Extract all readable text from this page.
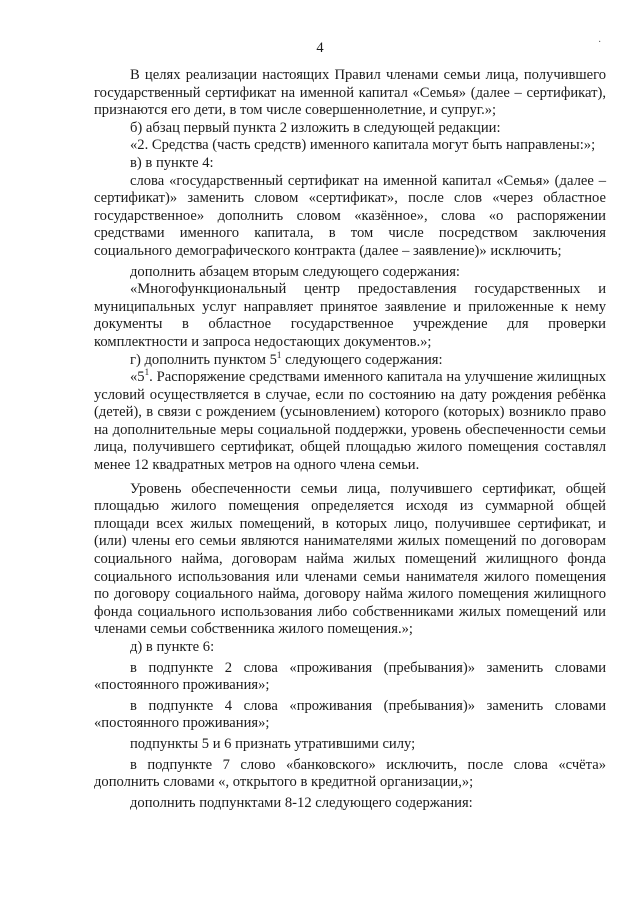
4	·

В целях реализации настоящих Правил членами семьи лица, получившего государственный сертификат на именной капитал «Семья» (далее – сертификат), признаются его дети, в том числе совершеннолетние, и супруг.»;

б) абзац первый пункта 2 изложить в следующей редакции:

«2. Средства (часть средств) именного капитала могут быть направлены:»;

в) в пункте 4:

слова «государственный сертификат на именной капитал «Семья» (далее – сертификат)» заменить словом «сертификат», после слов «через областное государственное» дополнить словом «казённое», слова «о распоряжении средствами именного капитала, в том числе посредством заключения социального демографического контракта (далее – заявление)» исключить;

дополнить абзацем вторым следующего содержания:

«Многофункциональный центр предоставления государственных и муниципальных услуг направляет принятое заявление и приложенные к нему документы в областное государственное учреждение для проверки комплектности и запроса недостающих документов.»;

г) дополнить пунктом $5^1$ следующего содержания:

«$5^1$. Распоряжение средствами именного капитала на улучшение жилищных условий осуществляется в случае, если по состоянию на дату рождения ребёнка (детей), в связи с рождением (усыновлением) которого (которых) возникло право на дополнительные меры социальной поддержки, уровень обеспеченности семьи лица, получившего сертификат, общей площадью жилого помещения составлял менее 12 квадратных метров на одного члена семьи.

Уровень обеспеченности семьи лица, получившего сертификат, общей площадью жилого помещения определяется исходя из суммарной общей площади всех жилых помещений, в которых лицо, получившее сертификат, и (или) члены его семьи являются нанимателями жилых помещений по договорам социального найма, договорам найма жилых помещений жилищного фонда социального использования или членами семьи нанимателя жилого помещения по договору социального найма, договору найма жилого помещения жилищного фонда социального использования либо собственниками жилых помещений или членами семьи собственника жилого помещения.»;

д) в пункте 6:

в подпункте 2 слова «проживания (пребывания)» заменить словами «постоянного проживания»;

в подпункте 4 слова «проживания (пребывания)» заменить словами «постоянного проживания»;

подпункты 5 и 6 признать утратившими силу;

в подпункте 7 слово «банковского» исключить, после слова «счёта» дополнить словами «, открытого в кредитной организации,»;

дополнить подпунктами 8-12 следующего содержания:
